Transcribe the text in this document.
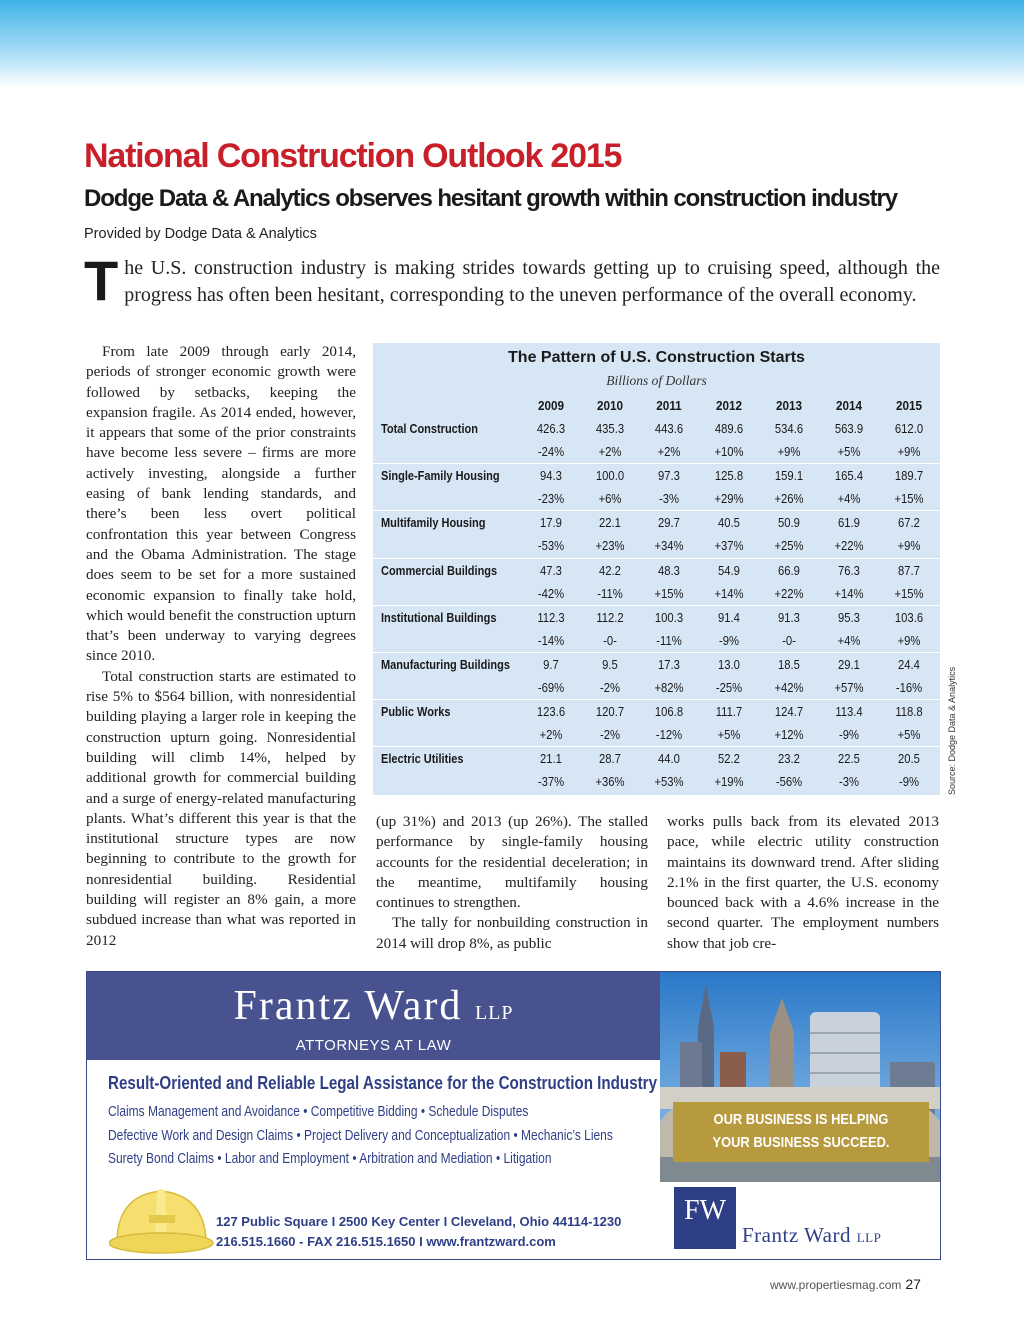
National Construction Outlook 2015
Dodge Data & Analytics observes hesitant growth within construction industry
Provided by Dodge Data & Analytics

The U.S. construction industry is making strides towards getting up to cruising speed, although the progress has often been hesitant, corresponding to the uneven performance of the overall economy.

From late 2009 through early 2014, periods of stronger economic growth were followed by setbacks, keeping the expansion fragile. As 2014 ended, however, it appears that some of the prior constraints have become less severe – firms are more actively investing, alongside a further easing of bank lending standards, and there’s been less overt political confrontation this year between Congress and the Obama Administration. The stage does seem to be set for a more sustained economic expansion to finally take hold, which would benefit the construction upturn that’s been underway to varying degrees since 2010.

Total construction starts are estimated to rise 5% to $564 billion, with nonresidential building playing a larger role in keeping the construction upturn going. Nonresidential building will climb 14%, helped by additional growth for commercial building and a surge of energy-related manufacturing plants. What’s different this year is that the institutional structure types are now beginning to contribute to the growth for nonresidential building. Residential building will register an 8% gain, a more subdued increase than what was reported in 2012

The Pattern of U.S. Construction Starts
Billions of Dollars
2009	2010	2011	2012	2013	2014	2015
Total Construction	426.3	435.3	443.6	489.6	534.6	563.9	612.0
-24%	+2%	+2%	+10%	+9%	+5%	+9%
Single-Family Housing	94.3	100.0	97.3	125.8	159.1	165.4	189.7
-23%	+6%	-3%	+29%	+26%	+4%	+15%
Multifamily Housing	17.9	22.1	29.7	40.5	50.9	61.9	67.2
-53%	+23%	+34%	+37%	+25%	+22%	+9%
Commercial Buildings	47.3	42.2	48.3	54.9	66.9	76.3	87.7
-42%	-11%	+15%	+14%	+22%	+14%	+15%
Institutional Buildings	112.3	112.2	100.3	91.4	91.3	95.3	103.6
-14%	-0-	-11%	-9%	-0-	+4%	+9%
Manufacturing Buildings	9.7	9.5	17.3	13.0	18.5	29.1	24.4
-69%	-2%	+82%	-25%	+42%	+57%	-16%
Public Works	123.6	120.7	106.8	111.7	124.7	113.4	118.8
+2%	-2%	-12%	+5%	+12%	-9%	+5%
Electric Utilities	21.1	28.7	44.0	52.2	23.2	22.5	20.5
-37%	+36%	+53%	+19%	-56%	-3%	-9%	Source: Dodge Data & Analytics

(up 31%) and 2013 (up 26%). The stalled performance by single-family housing accounts for the residential deceleration; in the meantime, multifamily housing continues to strengthen.

The tally for nonbuilding construction in 2014 will drop 8%, as public

works pulls back from its elevated 2013 pace, while electric utility construction maintains its downward trend. After sliding 2.1% in the first quarter, the U.S. economy bounced back with a 4.6% increase in the second quarter. The employment numbers show that job cre-

Frantz Ward LLP
ATTORNEYS AT LAW
OUR BUSINESS IS HELPING
YOUR BUSINESS SUCCEED.
Result-Oriented and Reliable Legal Assistance for the Construction Industry
Claims Management and Avoidance • Competitive Bidding • Schedule Disputes
Defective Work and Design Claims • Project Delivery and Conceptualization • Mechanic’s Liens
Surety Bond Claims • Labor and Employment • Arbitration and Mediation • Litigation
127 Public Square I 2500 Key Center I Cleveland, Ohio 44114-1230
216.515.1660 - FAX 216.515.1650 I www.frantzward.com
FW
Frantz Ward LLP
www.propertiesmag.com 27
